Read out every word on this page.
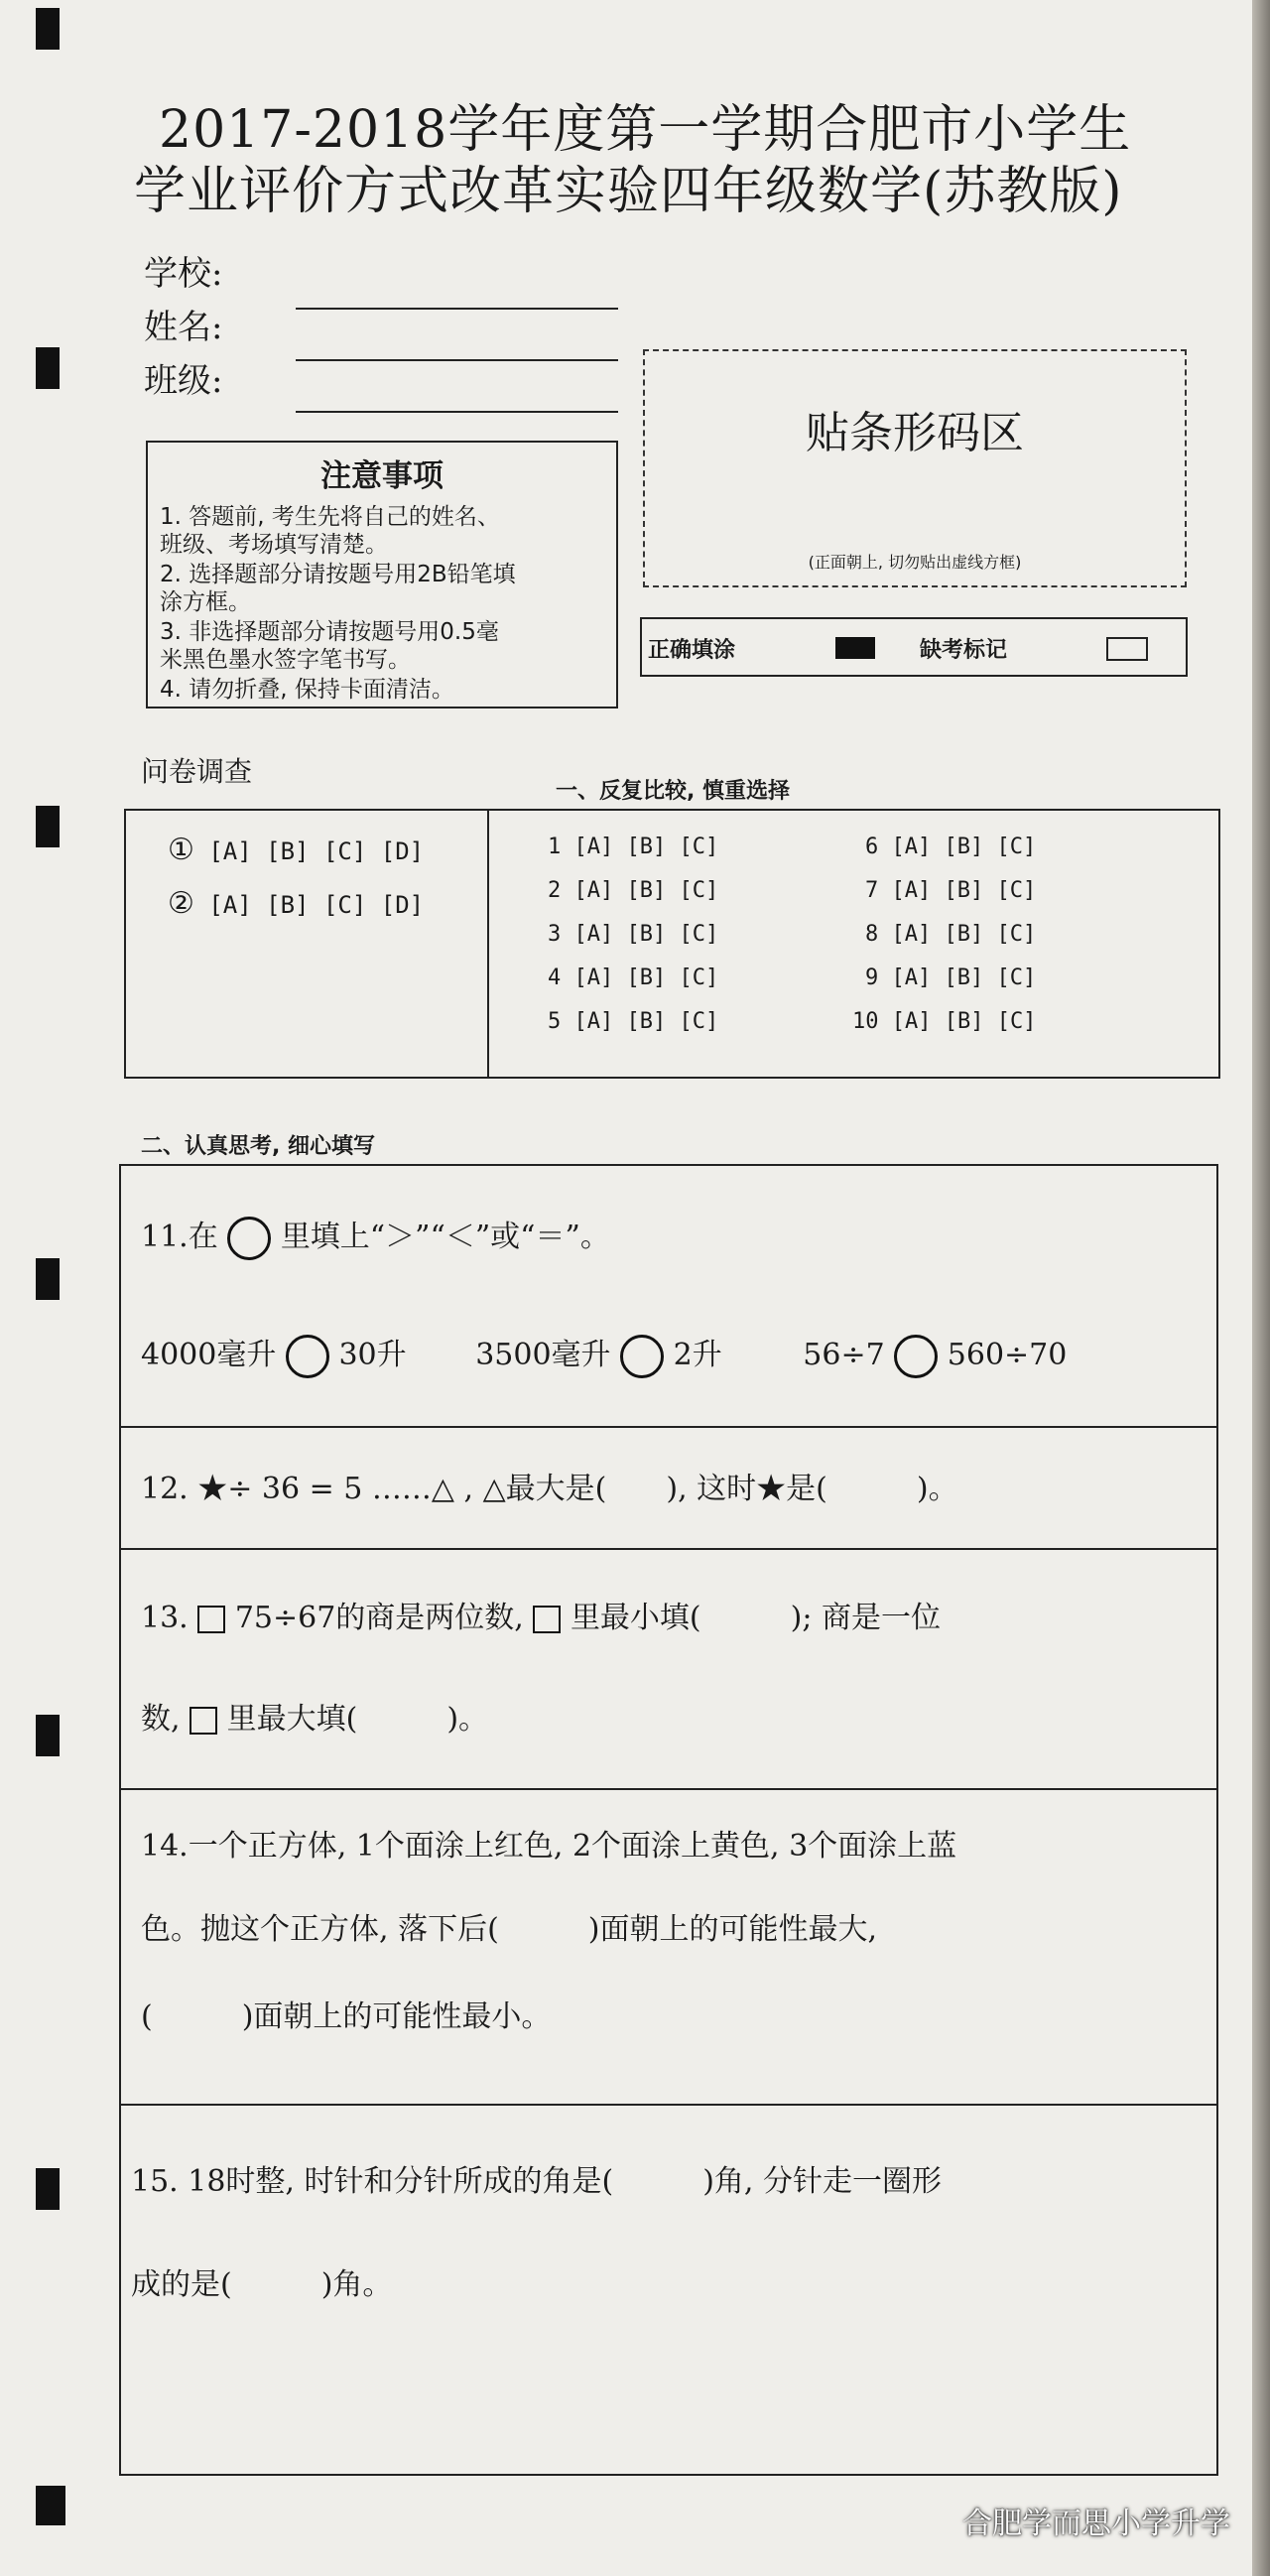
2017-2018学年度第一学期合肥市小学生
学业评价方式改革实验四年级数学(苏教版)
学校:
姓名:
班级:
注意事项
1. 答题前, 考生先将自己的姓名、
班级、考场填写清楚。
2. 选择题部分请按题号用2B铅笔填
涂方框。
3. 非选择题部分请按题号用0.5毫
米黑色墨水签字笔书写。
4. 请勿折叠, 保持卡面清洁。
贴条形码区
(正面朝上, 切勿贴出虚线方框)
正确填涂	缺考标记
问卷调查
一、反复比较, 慎重选择
① [A] [B] [C] [D]
② [A] [B] [C] [D]
1 [A] [B] [C]
2 [A] [B] [C]
3 [A] [B] [C]
4 [A] [B] [C]
5 [A] [B] [C]
6 [A] [B] [C]
7 [A] [B] [C]
8 [A] [B] [C]
9 [A] [B] [C]
10 [A] [B] [C]
二、认真思考, 细心填写
11.在 里填上“＞”“＜”或“＝”。
4000毫升 30升 3500毫升 2升	56÷7 560÷70
12. ★÷ 36 = 5 ……△ , △最大是(　　), 这时★是(　　　)。
13. 75÷67的商是两位数, 里最小填(　　　); 商是一位
数, 里最大填(　　　)。
14.一个正方体, 1个面涂上红色, 2个面涂上黄色, 3个面涂上蓝
色。抛这个正方体, 落下后(　　　)面朝上的可能性最大,
(　　　)面朝上的可能性最小。
15. 18时整, 时针和分针所成的角是(　　　)角, 分针走一圈形
成的是(　　　)角。
合肥学而思小学升学
